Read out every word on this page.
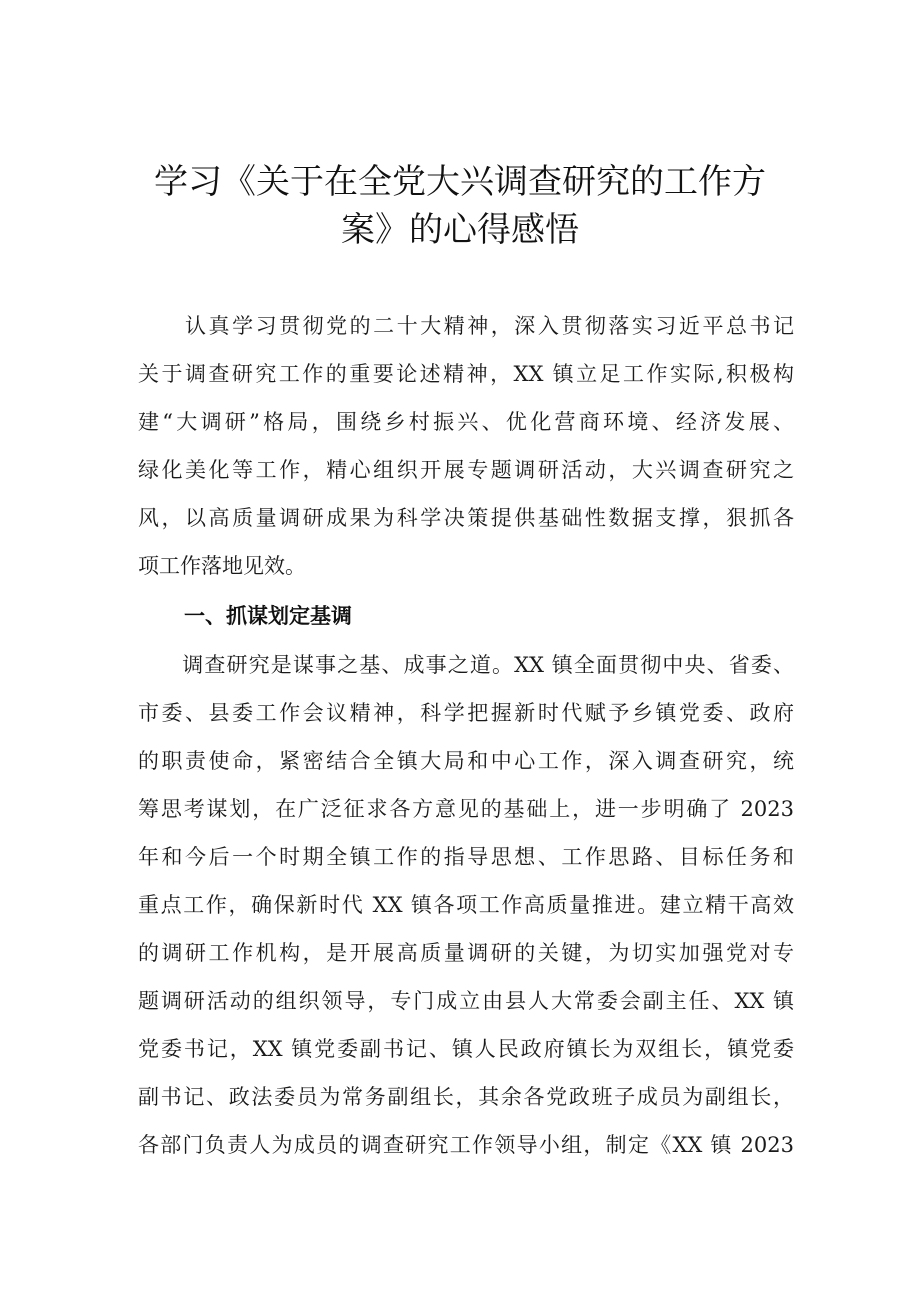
学习《关于在全党大兴调查研究的工作方
案》的心得感悟

　　认真学习贯彻党的二十大精神，深入贯彻落实习近平总书记
关于调查研究工作的重要论述精神，XX 镇立足工作实际,积极构
建“大调研”格局，围绕乡村振兴、优化营商环境、经济发展、
绿化美化等工作，精心组织开展专题调研活动，大兴调查研究之
风，以高质量调研成果为科学决策提供基础性数据支撑，狠抓各
项工作落地见效。

一、抓谋划定基调

　　调查研究是谋事之基、成事之道。XX 镇全面贯彻中央、省委、
市委、县委工作会议精神，科学把握新时代赋予乡镇党委、政府
的职责使命，紧密结合全镇大局和中心工作，深入调查研究，统
筹思考谋划，在广泛征求各方意见的基础上，进一步明确了 2023
年和今后一个时期全镇工作的指导思想、工作思路、目标任务和
重点工作，确保新时代 XX 镇各项工作高质量推进。建立精干高效
的调研工作机构，是开展高质量调研的关键，为切实加强党对专
题调研活动的组织领导，专门成立由县人大常委会副主任、XX 镇
党委书记，XX 镇党委副书记、镇人民政府镇长为双组长，镇党委
副书记、政法委员为常务副组长，其余各党政班子成员为副组长，
各部门负责人为成员的调查研究工作领导小组，制定《XX 镇 2023
